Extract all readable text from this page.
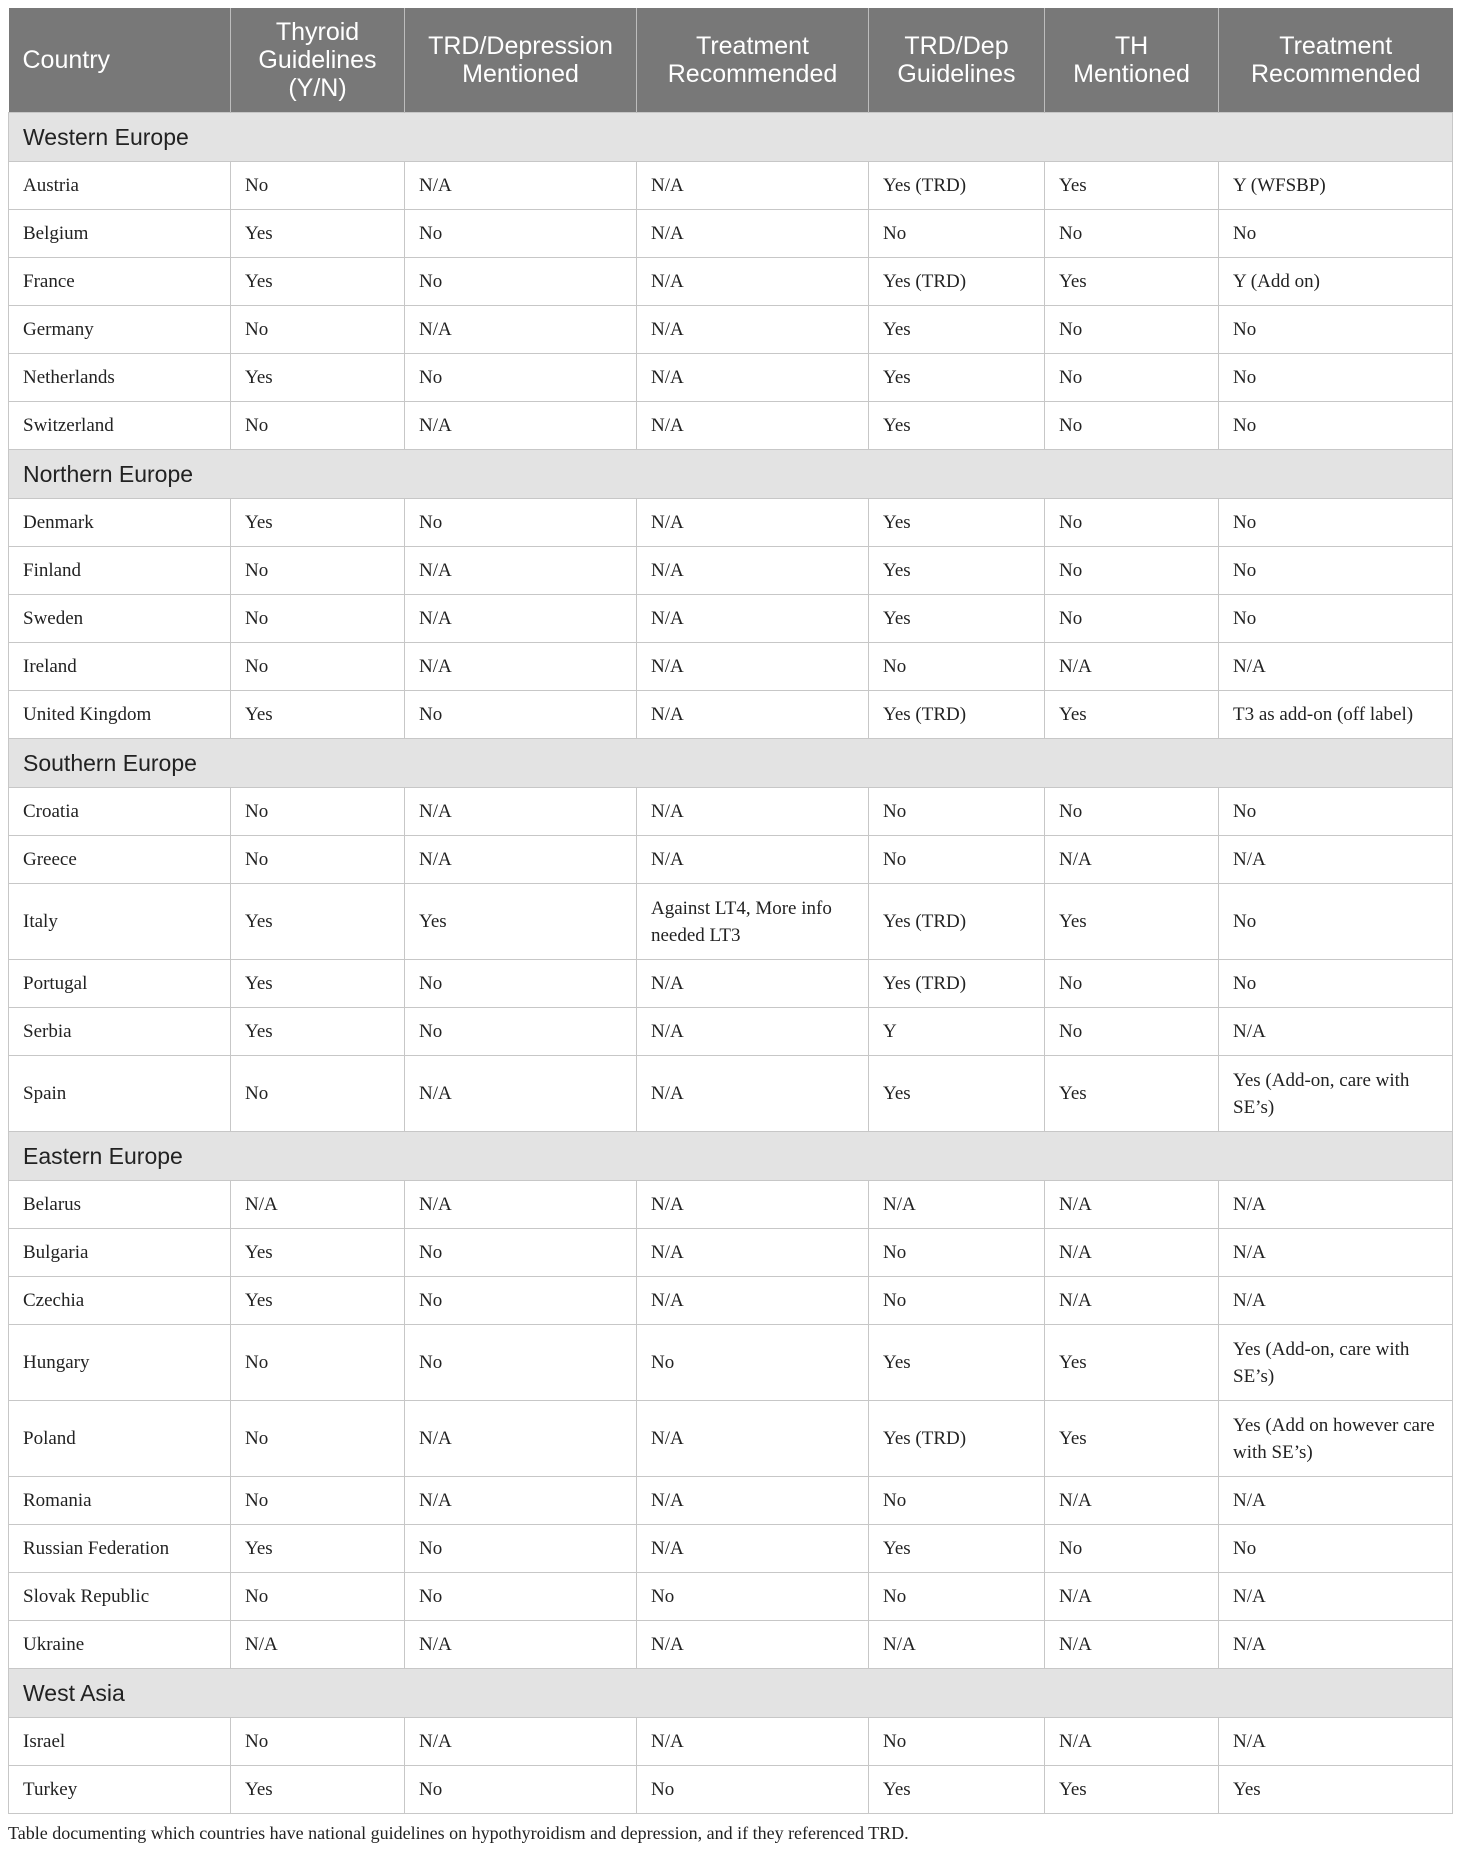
Country	Thyroid Guidelines (Y/N)	TRD/Depression Mentioned	Treatment Recommended	TRD/Dep Guidelines	TH Mentioned	Treatment Recommended
Western Europe						
Austria	No	N/A	N/A	Yes (TRD)	Yes	Y (WFSBP)
Belgium	Yes	No	N/A	No	No	No
France	Yes	No	N/A	Yes (TRD)	Yes	Y (Add on)
Germany	No	N/A	N/A	Yes	No	No
Netherlands	Yes	No	N/A	Yes	No	No
Switzerland	No	N/A	N/A	Yes	No	No
Northern Europe						
Denmark	Yes	No	N/A	Yes	No	No
Finland	No	N/A	N/A	Yes	No	No
Sweden	No	N/A	N/A	Yes	No	No
Ireland	No	N/A	N/A	No	N/A	N/A
United Kingdom	Yes	No	N/A	Yes (TRD)	Yes	T3 as add-on (off label)
Southern Europe						
Croatia	No	N/A	N/A	No	No	No
Greece	No	N/A	N/A	No	N/A	N/A
Italy	Yes	Yes	Against LT4, More info needed LT3	Yes (TRD)	Yes	No
Portugal	Yes	No	N/A	Yes (TRD)	No	No
Serbia	Yes	No	N/A	Y	No	N/A
Spain	No	N/A	N/A	Yes	Yes	Yes (Add-on, care with SE’s)
Eastern Europe						
Belarus	N/A	N/A	N/A	N/A	N/A	N/A
Bulgaria	Yes	No	N/A	No	N/A	N/A
Czechia	Yes	No	N/A	No	N/A	N/A
Hungary	No	No	No	Yes	Yes	Yes (Add-on, care with SE’s)
Poland	No	N/A	N/A	Yes (TRD)	Yes	Yes (Add on however care with SE’s)
Romania	No	N/A	N/A	No	N/A	N/A
Russian Federation	Yes	No	N/A	Yes	No	No
Slovak Republic	No	No	No	No	N/A	N/A
Ukraine	N/A	N/A	N/A	N/A	N/A	N/A
West Asia						
Israel	No	N/A	N/A	No	N/A	N/A
Turkey	Yes	No	No	Yes	Yes	Yes
Table documenting which countries have national guidelines on hypothyroidism and depression, and if they referenced TRD.
